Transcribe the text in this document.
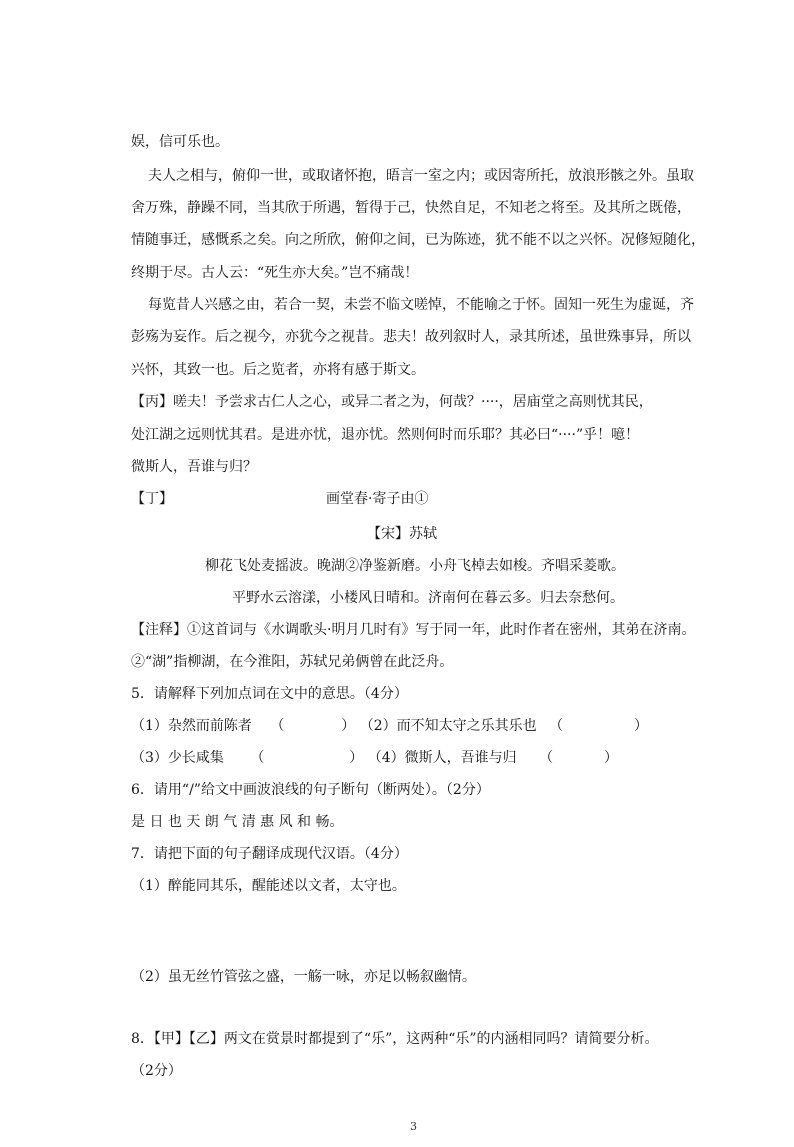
娱，信可乐也。
夫人之相与，俯仰一世，或取诸怀抱，晤言一室之内；或因寄所托，放浪形骸之外。虽取
舍万殊，静躁不同，当其欣于所遇，暂得于己，快然自足，不知老之将至。及其所之既倦，
情随事迁，感慨系之矣。向之所欣，俯仰之间，已为陈迹，犹不能不以之兴怀。况修短随化，
终期于尽。古人云：“死生亦大矣。”岂不痛哉！
每览昔人兴感之由，若合一契，未尝不临文嗟悼，不能喻之于怀。固知一死生为虚诞，齐
彭殇为妄作。后之视今，亦犹今之视昔。悲夫！故列叙时人，录其所述，虽世殊事异，所以
兴怀，其致一也。后之览者，亦将有感于斯文。
【丙】嗟夫！予尝求古仁人之心，或异二者之为，何哉？····，居庙堂之高则忧其民，
处江湖之远则忧其君。是进亦忧，退亦忧。然则何时而乐耶？其必曰“····”乎！噫！
微斯人，吾谁与归？
【丁】	画堂春·寄子由①
【宋】苏轼
柳花飞处麦摇波。晚湖②净鉴新磨。小舟飞棹去如梭。齐唱采菱歌。
平野水云溶漾，小楼风日晴和。济南何在暮云多。归去奈愁何。
【注释】①这首词与《水调歌头·明月几时有》写于同一年，此时作者在密州，其弟在济南。
②“湖”指柳湖，在今淮阳，苏轼兄弟俩曾在此泛舟。
5．请解释下列加点词在文中的意思。（4分）
（1）杂然而前陈者 （	） （2）而不知太守之乐其乐也 （	）
（3）少长咸集 （	） （4）微斯人，吾谁与归 （	）
6．请用“/”给文中画波浪线的句子断句（断两处）。（2分）
是 日 也 天 朗 气 清 惠 风 和 畅。
7．请把下面的句子翻译成现代汉语。（4分）
（1）醉能同其乐，醒能述以文者，太守也。
（2）虽无丝竹管弦之盛，一觞一咏，亦足以畅叙幽情。
8．【甲】【乙】两文在赏景时都提到了“乐”，这两种“乐”的内涵相同吗？请简要分析。
（2分）
3
